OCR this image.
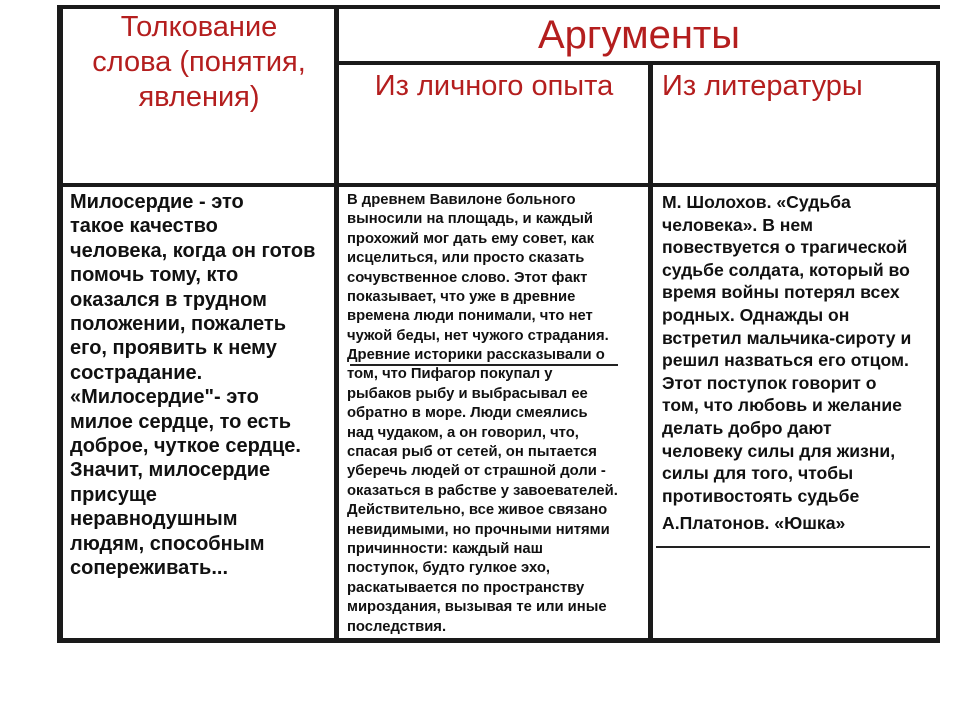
Толкование
слова (понятия,
явления)
Аргументы
Из личного опыта	Из литературы
Милосердие - это
такое качество
человека, когда он готов
помочь тому, кто
оказался в трудном
положении, пожалеть
его, проявить к нему
сострадание.
«Милосердие"- это
милое сердце, то есть
доброе, чуткое сердце.
Значит, милосердие
присуще
неравнодушным
людям, способным
сопереживать...
В древнем Вавилоне больного
выносили на площадь, и каждый
прохожий мог дать ему совет, как
исцелиться, или просто сказать
сочувственное слово. Этот факт
показывает, что уже в древние
времена люди понимали, что нет
чужой беды, нет чужого страдания.
Древние историки рассказывали о
том, что Пифагор покупал у
рыбаков рыбу и выбрасывал ее
обратно в море. Люди смеялись
над чудаком, а он говорил, что,
спасая рыб от сетей, он пытается
уберечь людей от страшной доли -
оказаться в рабстве у завоевателей.
Действительно, все живое связано
невидимыми, но прочными нитями
причинности: каждый наш
поступок, будто гулкое эхо,
раскатывается по пространству
мироздания, вызывая те или иные
последствия.
М. Шолохов. «Судьба
человека». В нем
повествуется о трагической
судьбе солдата, который во
время войны потерял всех
родных. Однажды он
встретил мальчика-сироту и
решил назваться его отцом.
Этот поступок говорит о
том, что любовь и желание
делать добро дают
человеку силы для жизни,
силы для того, чтобы
противостоять судьбе
А.Платонов. «Юшка»
